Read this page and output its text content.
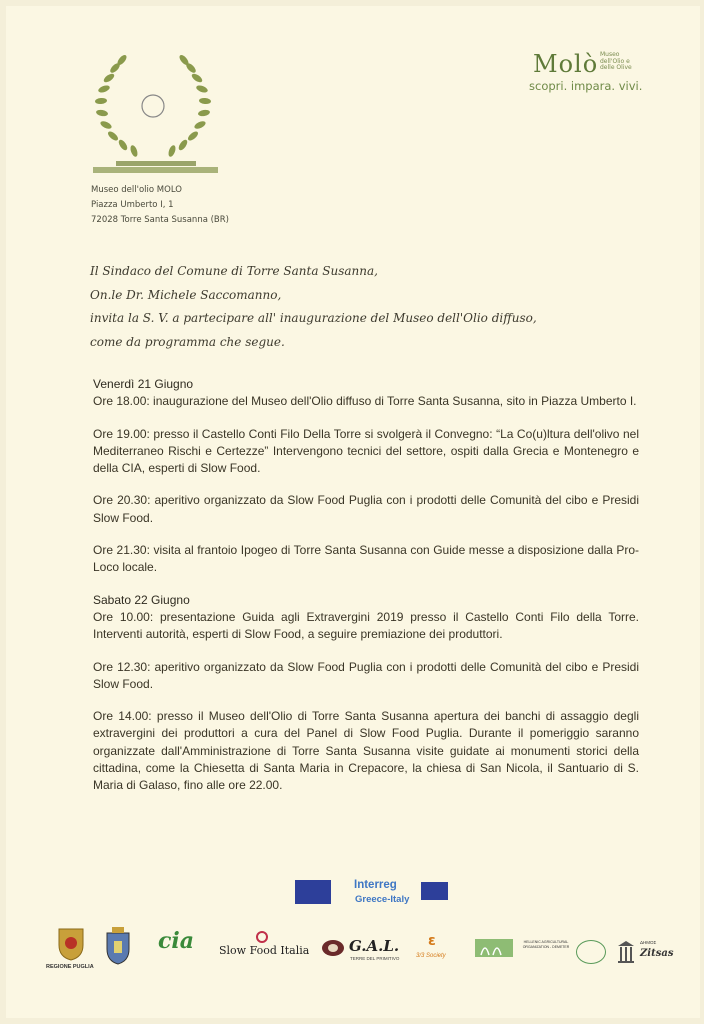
Museo dell'olio MOLO
Piazza Umberto I, 1
72028 Torre Santa Susanna (BR)
Molò Museo dell'Olio e delle Olive
scopri. impara. vivi.
Il Sindaco del Comune di Torre Santa Susanna,
On.le Dr. Michele Saccomanno,
invita la S. V. a partecipare all' inaugurazione del Museo dell'Olio diffuso,
come da programma che segue.
Venerdì 21 Giugno

Ore 18.00: inaugurazione del Museo dell'Olio diffuso di Torre Santa Susanna, sito in Piazza Umberto I.

Ore 19.00: presso il Castello Conti Filo Della Torre si svolgerà il Convegno: “La Co(u)ltura dell'olivo nel Mediterraneo Rischi e Certezze” Intervengono tecnici del settore, ospiti dalla Grecia e Montenegro e della CIA, esperti di Slow Food.

Ore 20.30: aperitivo organizzato da Slow Food Puglia con i prodotti delle Comunità del cibo e Presidi Slow Food.

Ore 21.30: visita al frantoio Ipogeo di Torre Santa Susanna con Guide messe a disposizione dalla Pro-Loco locale.

Sabato 22 Giugno

Ore 10.00: presentazione Guida agli Extravergini 2019 presso il Castello Conti Filo della Torre. Interventi autorità, esperti di Slow Food, a seguire premiazione dei produttori.

Ore 12.30: aperitivo organizzato da Slow Food Puglia con i prodotti delle Comunità del cibo e Presidi Slow Food.

Ore 14.00: presso il Museo dell'Olio di Torre Santa Susanna apertura dei banchi di assaggio degli extravergini dei produttori a cura del Panel di Slow Food Puglia. Durante il pomeriggio saranno organizzate dall'Amministrazione di Torre Santa Susanna visite guidate ai monumenti storici della cittadina, come la Chiesetta di Santa Maria in Crepacore, la chiesa di San Nicola, il Santuario di S. Maria di Galaso, fino alle ore 22.00.

Interreg
Greece-Italy
REGIONE PUGLIA
cia Slow Food Italia	G.A.L.
TERRE DEL PRIMITIVO
ε
3/3 Society
HELLENIC AGRICULTURAL ORGANIZATION - DEMETER
ΔΗΜΟΣ
Zitsas
